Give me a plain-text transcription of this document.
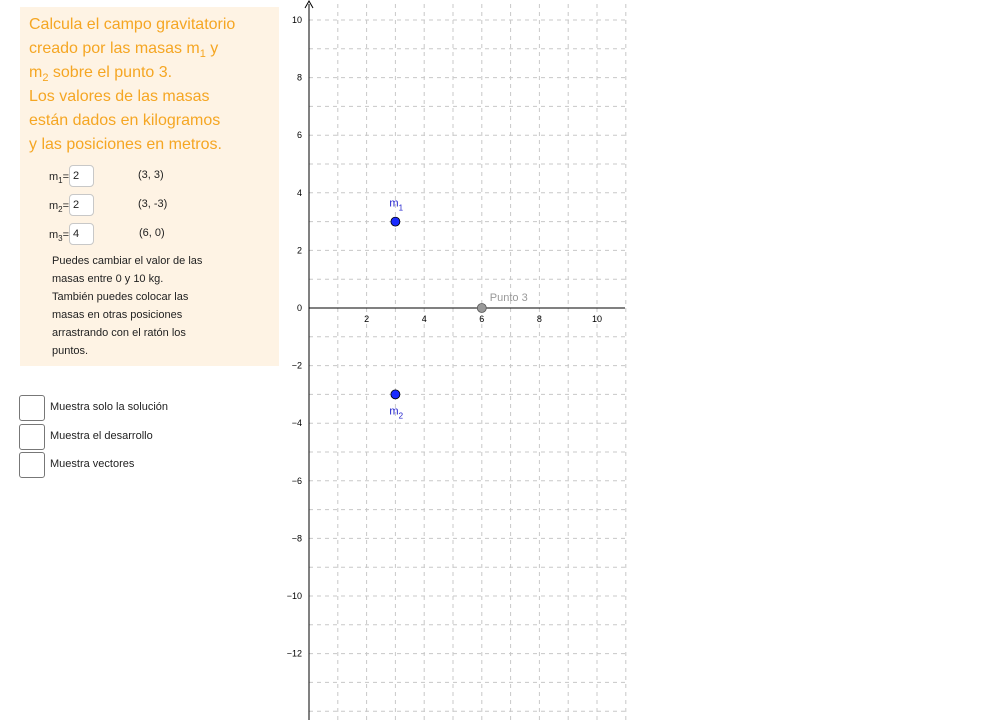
Calcula el campo gravitatorio
creado por las masas $m_1$ y
$m_2$ sobre el punto 3.
Los valores de las masas
están dados en kilogramos
y las posiciones en metros.
$m_1= 2$	(3, 3)
$m_2= 2$	(3, -3)
$m_3= 4$	(6, 0)
Puedes cambiar el valor de las
masas entre 0 y 10 kg.
También puedes colocar las
masas en otras posiciones
arrastrando con el ratón los
puntos.
Muestra solo la solución
Muestra el desarrollo
Muestra vectores
2	4	6	8	10
10
8
6
4
2
0
−2
−4
−6
−8
−10
−12
$m_1$
$m_2$
Punto 3
